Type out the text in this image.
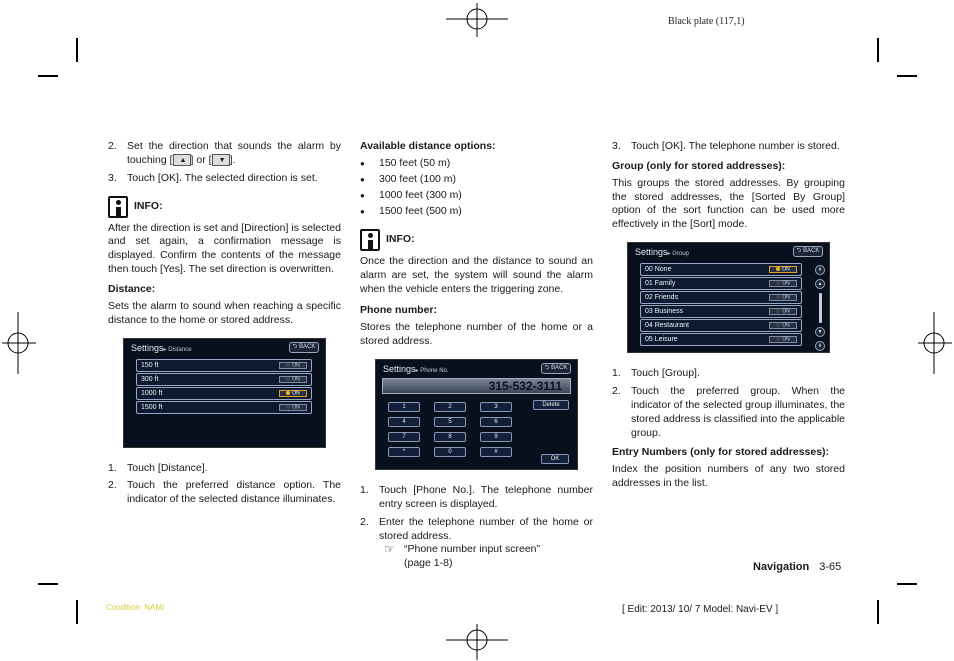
Black plate (117,1)
2. Set the direction that sounds the alarm by touching [ ▲ ] or [ ▼ ].
3. Touch [OK]. The selected direction is set.
INFO:

After the direction is set and [Direction] is selected and set again, a confirmation message is displayed. Confirm the contents of the message then touch [Yes]. The set direction is overwritten.

Distance:

Sets the alarm to sound when reaching a specific distance to the home or stored address.

Settings▸ Distance	⮌ BACK
150 ft	ON
300 ft	ON
1000 ft	ON
1500 ft	ON
1. Touch [Distance].
2. Touch the preferred distance option. The indicator of the selected distance illuminates.
Available distance options:
●	150 feet (50 m)
●	300 feet (100 m)
●	1000 feet (300 m)
●	1500 feet (500 m)
INFO:

Once the direction and the distance to sound an alarm are set, the system will sound the alarm when the vehicle enters the triggering zone.

Phone number:

Stores the telephone number of the home or a stored address.

Settings▸ Phone No.	⮌ BACK
315-532-3111
1	2	3
4	5	6
7	8	9
*	0	#
Delete
OK
1. Touch [Phone No.]. The telephone number entry screen is displayed.
2. Enter the telephone number of the home or stored address.
☞ “Phone number input screen”
(page 1-8)
3. Touch [OK]. The telephone number is stored.
Group (only for stored addresses):

This groups the stored addresses. By grouping the stored addresses, the [Sorted By Group] option of the sort function can be used more effectively in the [Sort] mode.

Settings▸ Group	⮌ BACK
00 None	ON
01 Family	ON
02 Friends	ON
03 Business	ON
04 Restaurant	ON
05 Leisure	ON
⇞
▲
▼
⇟
1. Touch [Group].
2. Touch the preferred group. When the indicator of the selected group illuminates, the stored address is classified into the applicable group.
Entry Numbers (only for stored addresses):

Index the position numbers of any two stored addresses in the list.

Navigation 3-65
Condition: NAM/	[ Edit: 2013/ 10/ 7 Model: Navi-EV ]
